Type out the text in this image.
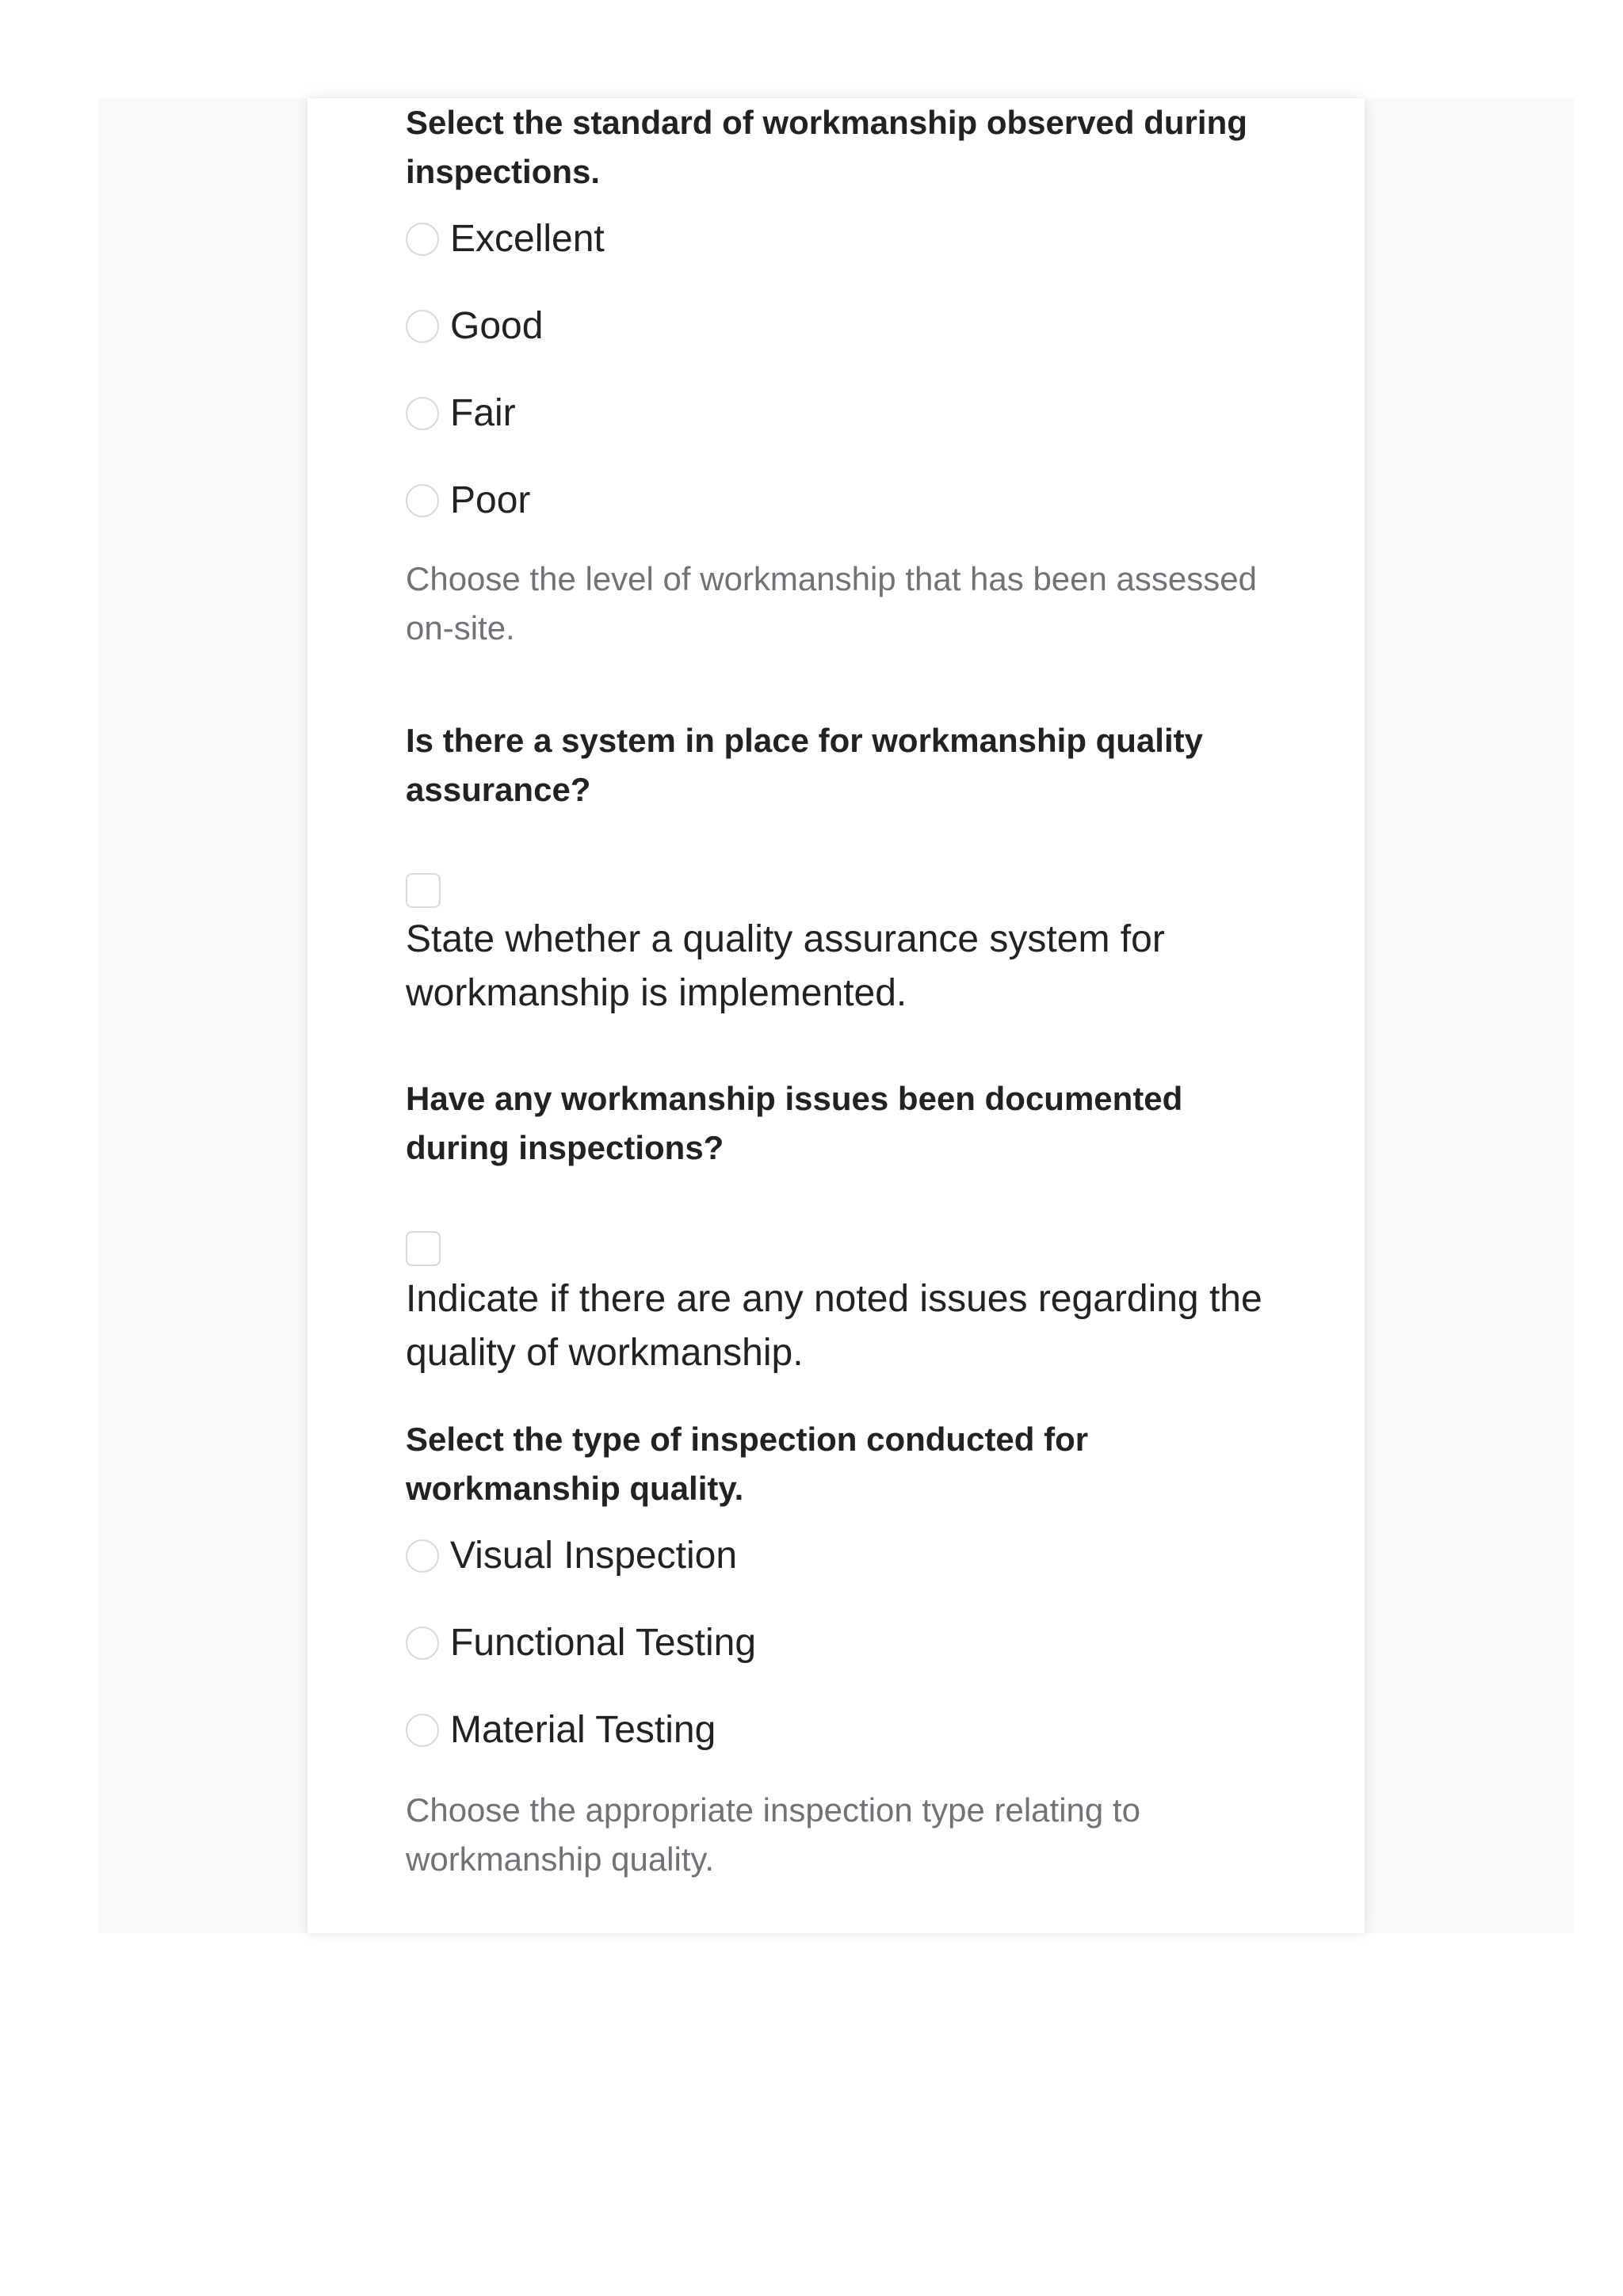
Select the standard of workmanship observed during inspections.

Excellent
Good
Fair
Poor

Choose the level of workmanship that has been assessed on-site.

Is there a system in place for workmanship quality assurance?

State whether a quality assurance system for workmanship is implemented.

Have any workmanship issues been documented during inspections?

Indicate if there are any noted issues regarding the quality of workmanship.

Select the type of inspection conducted for workmanship quality.

Visual Inspection
Functional Testing
Material Testing

Choose the appropriate inspection type relating to workmanship quality.
